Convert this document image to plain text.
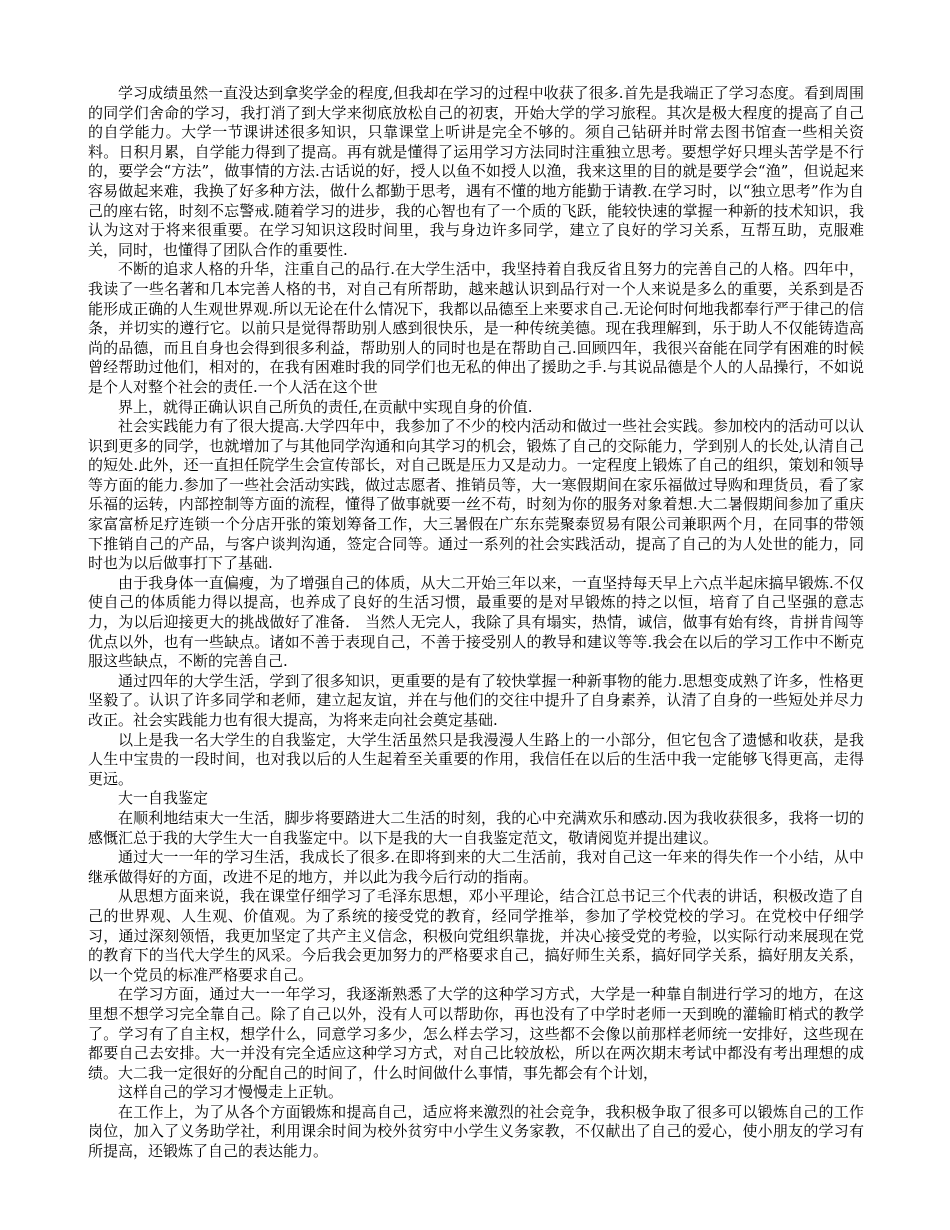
学习成绩虽然一直没达到拿奖学金的程度,但我却在学习的过程中收获了很多.首先是我端正了学习态度。看到周围的同学们舍命的学习，我打消了到大学来彻底放松自己的初衷，开始大学的学习旅程。其次是极大程度的提高了自己的自学能力。大学一节课讲述很多知识，只靠课堂上听讲是完全不够的。须自己钻研并时常去图书馆查一些相关资料。日积月累，自学能力得到了提高。再有就是懂得了运用学习方法同时注重独立思考。要想学好只埋头苦学是不行的，要学会“方法”，做事情的方法.古话说的好，授人以鱼不如授人以渔，我来这里的目的就是要学会“渔”，但说起来容易做起来难，我换了好多种方法，做什么都勤于思考，遇有不懂的地方能勤于请教.在学习时，以“独立思考”作为自己的座右铭，时刻不忘警戒.随着学习的进步，我的心智也有了一个质的飞跃，能较快速的掌握一种新的技术知识，我认为这对于将来很重要。在学习知识这段时间里，我与身边许多同学，建立了良好的学习关系，互帮互助，克服难关，同时，也懂得了团队合作的重要性.

不断的追求人格的升华，注重自己的品行.在大学生活中，我坚持着自我反省且努力的完善自己的人格。四年中，我读了一些名著和几本完善人格的书，对自己有所帮助，越来越认识到品行对一个人来说是多么的重要，关系到是否能形成正确的人生观世界观.所以无论在什么情况下，我都以品德至上来要求自己.无论何时何地我都奉行严于律己的信条，并切实的遵行它。以前只是觉得帮助别人感到很快乐，是一种传统美德。现在我理解到，乐于助人不仅能铸造高尚的品德，而且自身也会得到很多利益，帮助别人的同时也是在帮助自己.回顾四年，我很兴奋能在同学有困难的时候曾经帮助过他们，相对的，在我有困难时我的同学们也无私的伸出了援助之手.与其说品德是个人的人品操行，不如说是个人对整个社会的责任.一个人活在这个世

界上，就得正确认识自己所负的责任,在贡献中实现自身的价值.

社会实践能力有了很大提高.大学四年中，我参加了不少的校内活动和做过一些社会实践。参加校内的活动可以认识到更多的同学，也就增加了与其他同学沟通和向其学习的机会，锻炼了自己的交际能力，学到别人的长处,认清自己的短处.此外，还一直担任院学生会宣传部长，对自己既是压力又是动力。一定程度上锻炼了自己的组织，策划和领导等方面的能力.参加了一些社会活动实践，做过志愿者、推销员等，大一寒假期间在家乐福做过导购和理货员，看了家乐福的运转，内部控制等方面的流程，懂得了做事就要一丝不苟，时刻为你的服务对象着想.大二暑假期间参加了重庆家富富桥足疗连锁一个分店开张的策划筹备工作，大三暑假在广东东莞聚泰贸易有限公司兼职两个月，在同事的带领下推销自己的产品，与客户谈判沟通，签定合同等。通过一系列的社会实践活动，提高了自己的为人处世的能力，同时也为以后做事打下了基础.

由于我身体一直偏瘦，为了增强自己的体质，从大二开始三年以来，一直坚持每天早上六点半起床搞早锻炼.不仅使自己的体质能力得以提高，也养成了良好的生活习惯，最重要的是对早锻炼的持之以恒，培育了自己坚强的意志力，为以后迎接更大的挑战做好了准备． 当然人无完人，我除了具有塌实，热情，诚信，做事有始有终，肯拼肯闯等优点以外，也有一些缺点。诸如不善于表现自己，不善于接受别人的教导和建议等等.我会在以后的学习工作中不断克服这些缺点，不断的完善自己.

通过四年的大学生活，学到了很多知识，更重要的是有了较快掌握一种新事物的能力.思想变成熟了许多，性格更坚毅了。认识了许多同学和老师，建立起友谊，并在与他们的交往中提升了自身素养，认清了自身的一些短处并尽力改正。社会实践能力也有很大提高，为将来走向社会奠定基础.

以上是我一名大学生的自我鉴定，大学生活虽然只是我漫漫人生路上的一小部分，但它包含了遗憾和收获，是我人生中宝贵的一段时间，也对我以后的人生起着至关重要的作用，我信任在以后的生活中我一定能够飞得更高，走得更远。

大一自我鉴定

在顺利地结束大一生活，脚步将要踏进大二生活的时刻，我的心中充满欢乐和感动.因为我收获很多，我将一切的感慨汇总于我的大学生大一自我鉴定中。以下是我的大一自我鉴定范文，敬请阅览并提出建议。

通过大一一年的学习生活，我成长了很多.在即将到来的大二生活前，我对自己这一年来的得失作一个小结，从中继承做得好的方面，改进不足的地方，并以此为我今后行动的指南。

从思想方面来说，我在课堂仔细学习了毛泽东思想，邓小平理论，结合江总书记三个代表的讲话，积极改造了自己的世界观、人生观、价值观。为了系统的接受党的教育，经同学推举，参加了学校党校的学习。在党校中仔细学习，通过深刻领悟，我更加坚定了共产主义信念，积极向党组织靠拢，并决心接受党的考验，以实际行动来展现在党的教育下的当代大学生的风采。今后我会更加努力的严格要求自己，搞好师生关系，搞好同学关系，搞好朋友关系，以一个党员的标准严格要求自己。

在学习方面，通过大一一年学习，我逐渐熟悉了大学的这种学习方式，大学是一种靠自制进行学习的地方，在这里想不想学习完全靠自己。除了自己以外，没有人可以帮助你，再也没有了中学时老师一天到晚的灌输盯梢式的教学了。学习有了自主权，想学什么，同意学习多少，怎么样去学习，这些都不会像以前那样老师统一安排好，这些现在都要自己去安排。大一并没有完全适应这种学习方式，对自己比较放松，所以在两次期末考试中都没有考出理想的成绩。大二我一定很好的分配自己的时间了，什么时间做什么事情，事先都会有个计划，

这样自己的学习才慢慢走上正轨。

在工作上，为了从各个方面锻炼和提高自己，适应将来激烈的社会竞争，我积极争取了很多可以锻炼自己的工作岗位，加入了义务助学社，利用课余时间为校外贫穷中小学生义务家教，不仅献出了自己的爱心，使小朋友的学习有所提高，还锻炼了自己的表达能力。
